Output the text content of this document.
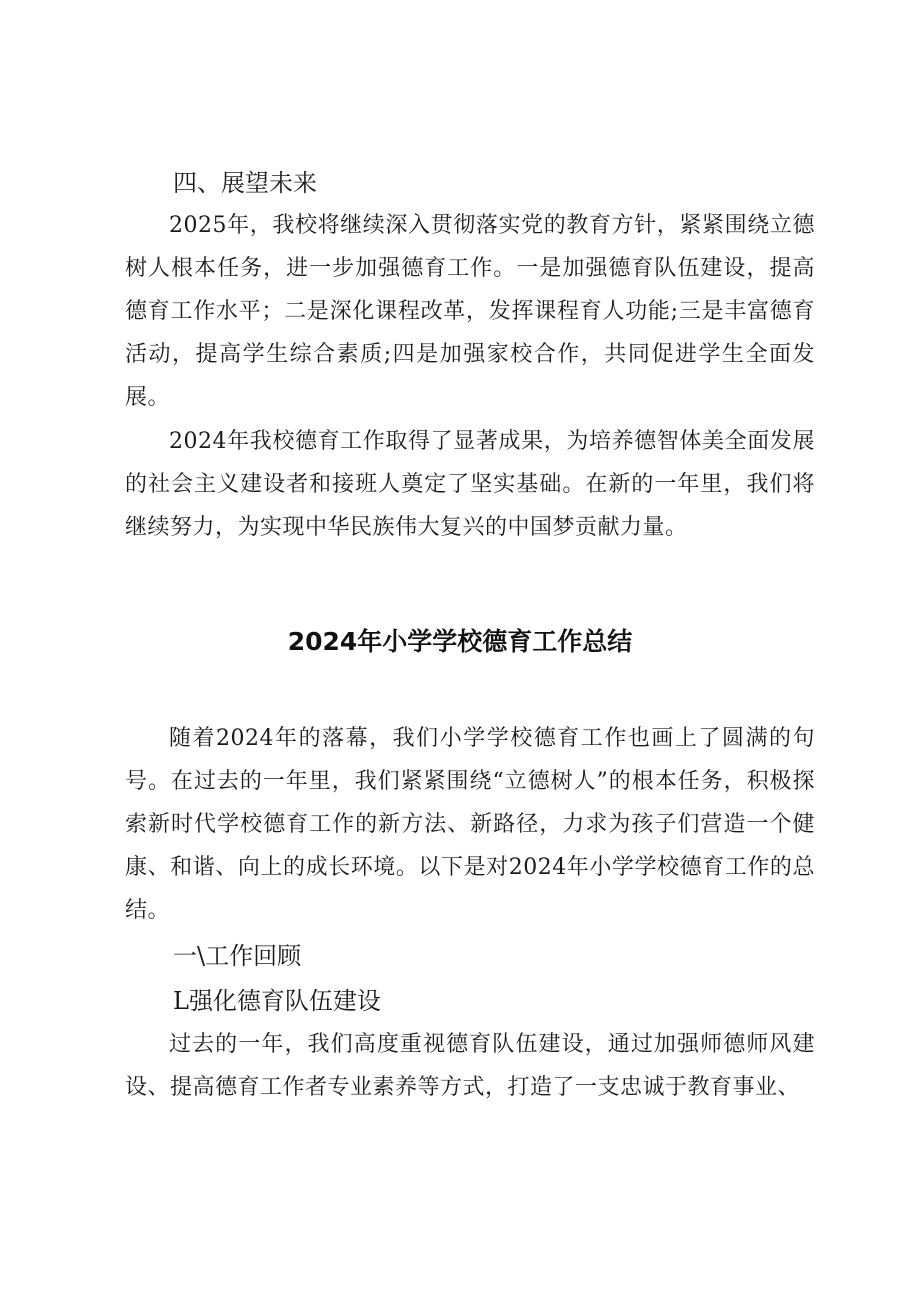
四、展望未来

2025年，我校将继续深入贯彻落实党的教育方针，紧紧围绕立德树人根本任务，进一步加强德育工作。一是加强德育队伍建设，提高德育工作水平；二是深化课程改革，发挥课程育人功能;三是丰富德育活动，提高学生综合素质;四是加强家校合作，共同促进学生全面发展。

2024年我校德育工作取得了显著成果，为培养德智体美全面发展的社会主义建设者和接班人奠定了坚实基础。在新的一年里，我们将继续努力，为实现中华民族伟大复兴的中国梦贡献力量。

2024年小学学校德育工作总结

随着2024年的落幕，我们小学学校德育工作也画上了圆满的句号。在过去的一年里，我们紧紧围绕“立德树人”的根本任务，积极探索新时代学校德育工作的新方法、新路径，力求为孩子们营造一个健康、和谐、向上的成长环境。以下是对2024年小学学校德育工作的总结。

一\工作回顾

L强化德育队伍建设

过去的一年，我们高度重视德育队伍建设，通过加强师德师风建设、提高德育工作者专业素养等方式，打造了一支忠诚于教育事业、
